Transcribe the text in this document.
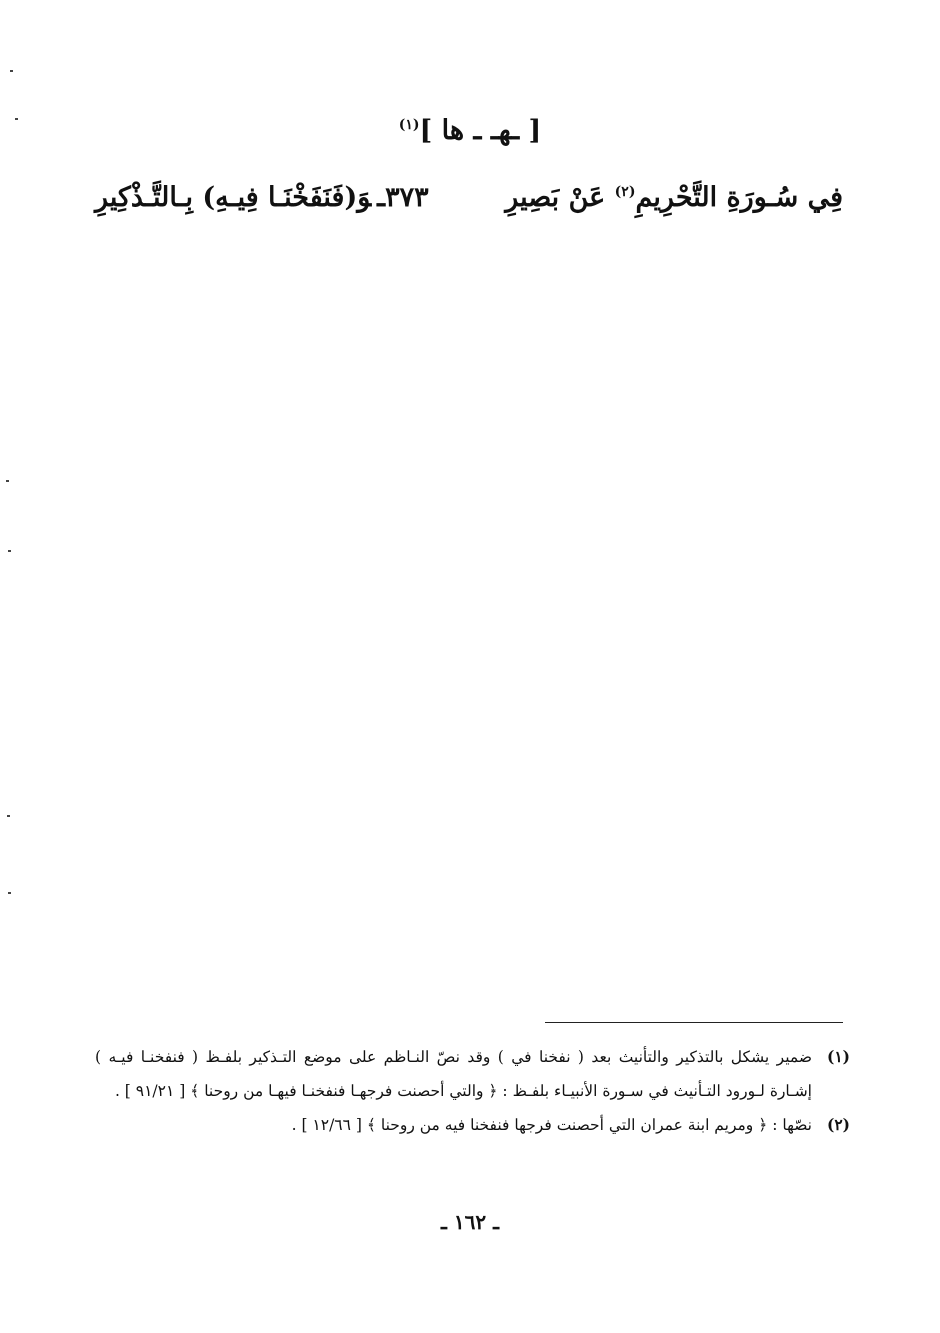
[ ـهـ ـ ها ]$^{(١)}$
٣٧٣ـوَ(فَنَفَخْنَـا فِيـهِ) بِـالتَّـذْكِيرِ	فِي سُـورَةِ التَّحْرِيمِ$^{(٢)}$ عَنْ بَصِيرِ
(١)
ضمير يشكل بالتذكير والتأنيث بعد ( نفخنا في ) وقد نصّ النـاظم على موضع التـذكير بلفـظ ( فنفخنـا فيـه ) إشـارة لـورود التـأنيث في سـورة الأنبيـاء بلفـظ : ﴿ والتي أحصنت فرجهـا فنفخنـا فيهـا من روحنا ﴾ [ ٩١/٢١ ] .
(٢)
نصّها : ﴿ ومريم ابنة عمران التي أحصنت فرجها فنفخنا فيه من روحنا ﴾ [ ١٢/٦٦ ] .
ـ ١٦٢ ـ
